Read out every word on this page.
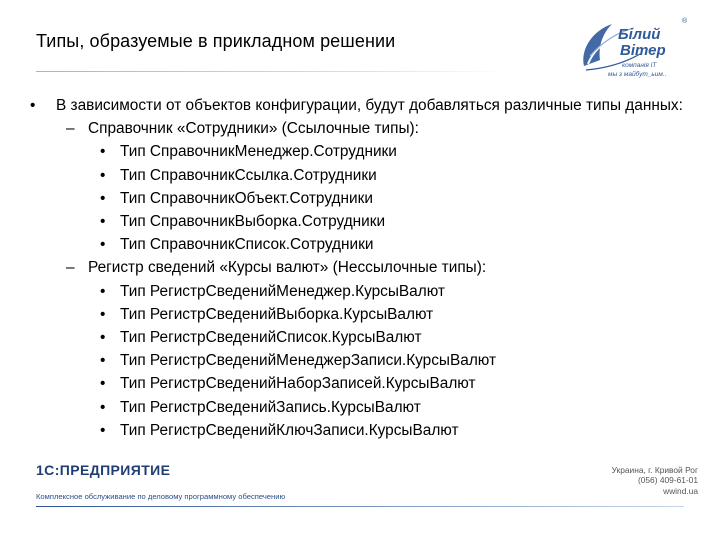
Типы, образуемые в прикладном решении	Білий
Вітер
компанія IT
мы з майбут_ьим..
®
• В зависимости от объектов конфигурации, будут добавляться различные типы данных:
– Справочник «Сотрудники» (Ссылочные типы):
• Тип СправочникМенеджер.Сотрудники
• Тип СправочникСсылка.Сотрудники
• Тип СправочникОбъект.Сотрудники
• Тип СправочникВыборка.Сотрудники
• Тип СправочникСписок.Сотрудники
– Регистр сведений «Курсы валют» (Нессылочные типы):
• Тип РегистрСведенийМенеджер.КурсыВалют
• Тип РегистрСведенийВыборка.КурсыВалют
• Тип РегистрСведенийСписок.КурсыВалют
• Тип РегистрСведенийМенеджерЗаписи.КурсыВалют
• Тип РегистрСведенийНаборЗаписей.КурсыВалют
• Тип РегистрСведенийЗапись.КурсыВалют
• Тип РегистрСведенийКлючЗаписи.КурсыВалют
1С:ПРЕДПРИЯТИЕ
Комплексное обслуживание по деловому программному обеспечению
Украина, г. Кривой Рог
(056) 409-61-01
wwind.ua
